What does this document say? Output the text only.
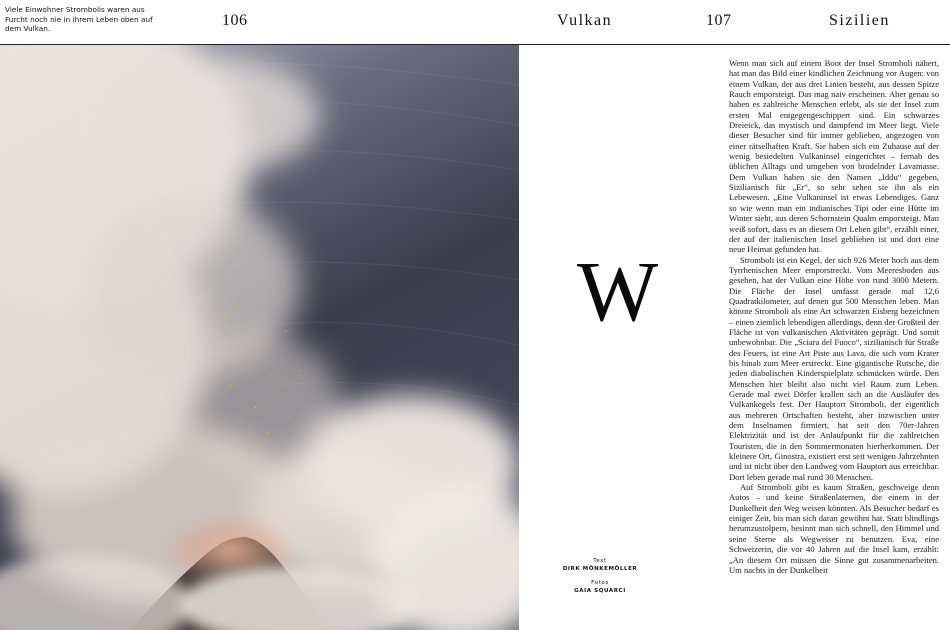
Viele Einwohner Strombolis waren aus Furcht noch nie in ihrem Leben oben auf dem Vulkan.	106	Vulkan	107	Sizilien
W
Text
DIRK MÖNKEMÖLLER
Fotos
GAIA SQUARCI

Wenn man sich auf einem Boot der Insel Stromboli nähert, hat man das Bild einer kindlichen Zeichnung vor Augen: von einem Vulkan, der aus drei Linien besteht, aus dessen Spitze Rauch emporsteigt. Das mag naiv erscheinen. Aber genau so haben es zahlreiche Menschen erlebt, als sie der Insel zum ersten Mal entgegengeschippert sind. Ein schwarzes Dreieick, das mystisch und dampfend im Meer liegt. Viele dieser Besucher sind für immer geblieben, angezogen von einer rätselhaften Kraft. Sie haben sich ein Zuhause auf der wenig besiedelten Vulkaninsel eingerichtet – fernab des üblichen Alltags und umgeben von brodelnder Lavamasse. Dem Vulkan haben sie den Namen „Iddu“ gegeben, Sizilianisch für „Er“, so sehr sehen sie ihn als ein Lebewesen. „Eine Vulkaninsel ist etwas Lebendiges. Ganz so wie wenn man ein indianisches Tipi oder eine Hütte im Winter sieht, aus deren Schornstein Qualm emporsteigt. Man weiß sofort, dass es an diesem Ort Leben gibt“, erzählt einer, der auf der italienischen Insel geblieben ist und dort eine neue Heimat gefunden hat.

Stromboli ist ein Kegel, der sich 926 Meter hoch aus dem Tyrrhenischen Meer emporstreckt. Vom Meeresboden aus gesehen, hat der Vulkan eine Höhe von rund 3000 Metern. Die Fläche der Insel umfasst gerade mal 12,6 Quadratkilometer, auf denen gut 500 Menschen leben. Man könnte Stromboli als eine Art schwarzen Eisberg bezeichnen – einen ziemlich lebendigen allerdings, denn der Großteil der Fläche ist von vulkanischen Aktivitäten geprägt. Und somit unbewohnbar. Die „Sciara del Fuoco“, sizilianisch für Straße des Feuers, ist eine Art Piste aus Lava, die sich vom Krater bis hinab zum Meer erstreckt. Eine gigantische Rutsche, die jeden diabolischen Kinderspielplatz schmücken würde. Den Menschen hier bleibt also nicht viel Raum zum Leben. Gerade mal zwei Dörfer krallen sich an die Ausläufer des Vulkankegels fest. Der Hauptort Stromboli, der eigentlich aus mehreren Ortschaften besteht, aber inzwischen unter dem Inselnamen firmiert, hat seit den 70er-Jahren Elektrizität und ist der Anlaufpunkt für die zahlreichen Touristen, die in den Sommermonaten hierherkommen. Der kleinere Ort, Ginostra, existiert erst seit wenigen Jahrzehnten und ist nicht über den Landweg vom Hauptort aus erreichbar. Dort leben gerade mal rund 30 Menschen.

Auf Stromboli gibt es kaum Straßen, geschweige denn Autos – und keine Straßenlaternen, die einem in der Dunkelheit den Weg weisen könnten. Als Besucher bedarf es einiger Zeit, bis man sich daran gewöhnt hat. Statt blindlings herumzustolpern, besinnt man sich schnell, den Himmel und seine Sterne als Wegweiser zu benutzen. Eva, eine Schweizerin, die vor 40 Jahren auf die Insel kam, erzählt: „An diesem Ort müssen die Sinne gut zusammenarbeiten. Um nachts in der Dunkelheit
